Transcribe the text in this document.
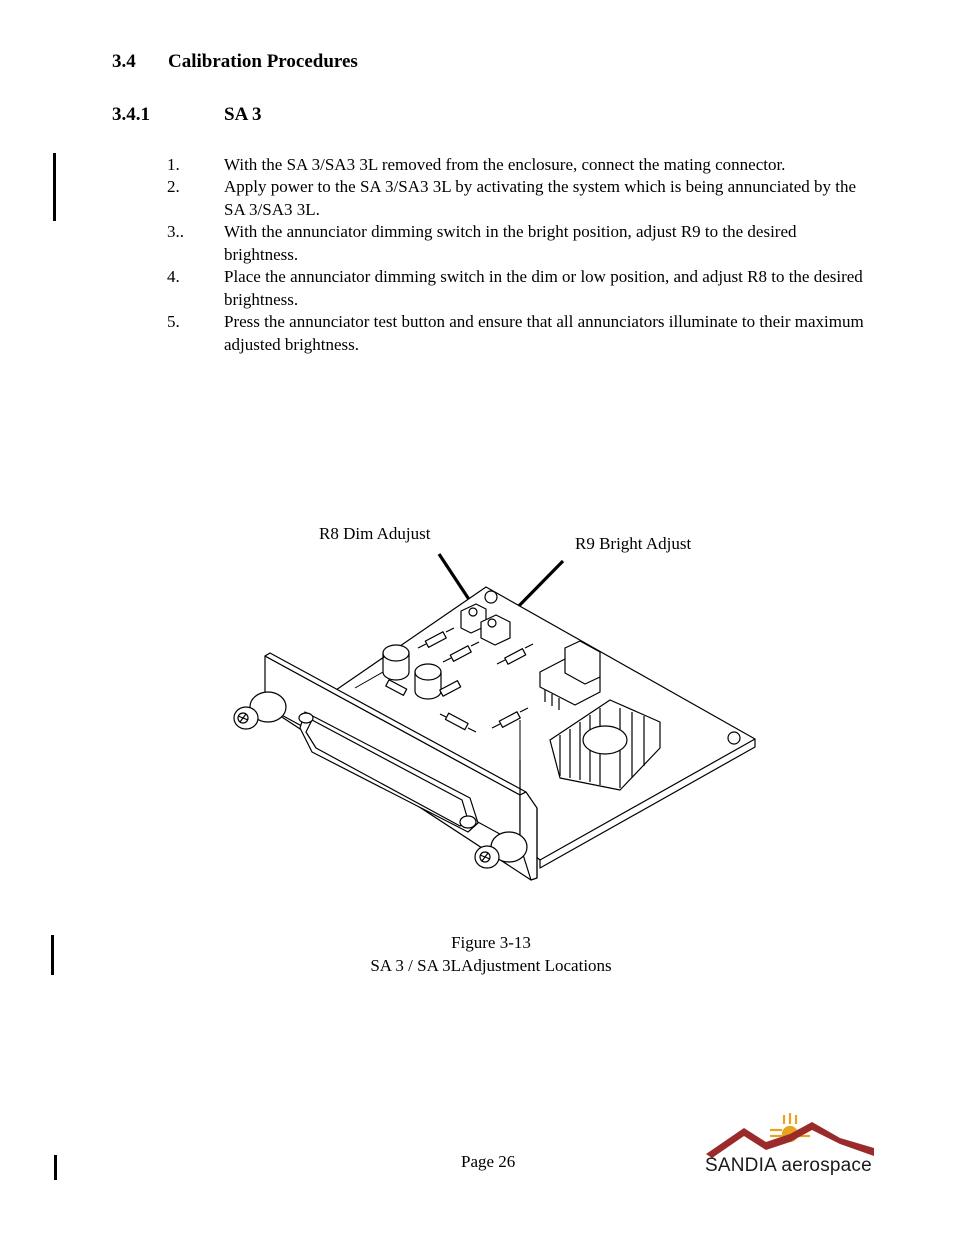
3.4 Calibration Procedures
3.4.1	SA 3
1.	With the SA 3/SA3 3L removed from the enclosure, connect the mating connector.
2.	Apply power to the SA 3/SA3 3L by activating the system which is being annunciated by the SA 3/SA3 3L.
3.. With the annunciator dimming switch in the bright position, adjust R9 to the desired brightness.
4.	Place the annunciator dimming switch in the dim or low position, and adjust R8 to the desired brightness.
5.	Press the annunciator test button and ensure that all annunciators illuminate to their maximum adjusted brightness.
R8 Dim Adujust
R9 Bright Adjust
Figure 3-13
SA 3 / SA 3LAdjustment Locations
Page 26	SANDIA aerospace
